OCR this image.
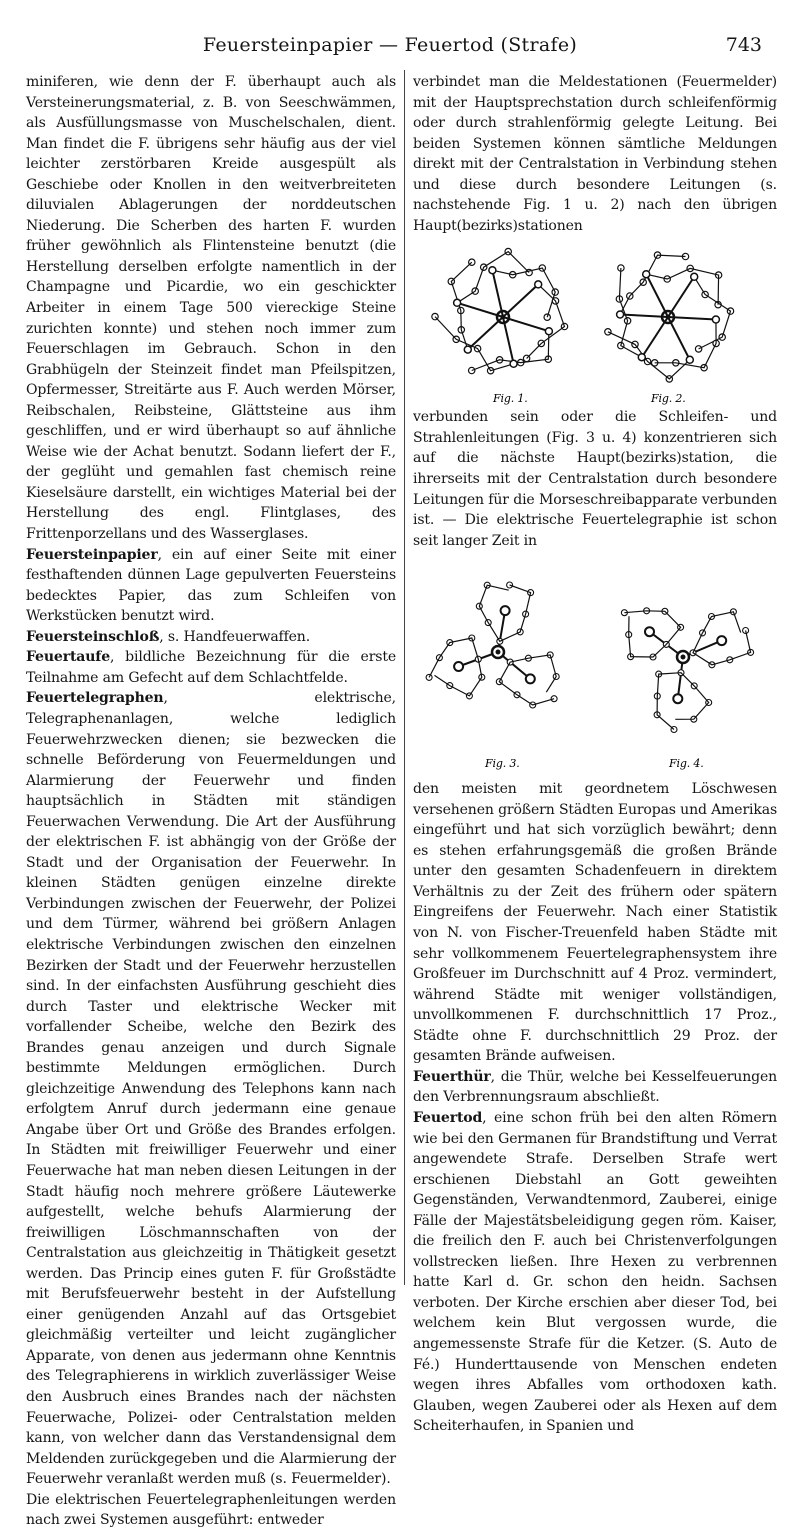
Feuersteinpapier — Feuertod (Strafe)	743

miniferen, wie denn der F. überhaupt auch als Versteinerungsmaterial, z. B. von Seeschwämmen, als Ausfüllungsmasse von Muschelschalen, dient. Man findet die F. übrigens sehr häufig aus der viel leichter zerstörbaren Kreide ausgespült als Geschiebe oder Knollen in den weitverbreiteten diluvialen Ablagerungen der norddeutschen Niederung. Die Scherben des harten F. wurden früher gewöhnlich als Flintensteine benutzt (die Herstellung derselben erfolgte namentlich in der Champagne und Picardie, wo ein geschickter Arbeiter in einem Tage 500 viereckige Steine zurichten konnte) und stehen noch immer zum Feuerschlagen im Gebrauch. Schon in den Grabhügeln der Steinzeit findet man Pfeilspitzen, Opfermesser, Streitärte aus F. Auch werden Mörser, Reibschalen, Reibsteine, Glättsteine aus ihm geschliffen, und er wird überhaupt so auf ähnliche Weise wie der Achat benutzt. Sodann liefert der F., der geglüht und gemahlen fast chemisch reine Kieselsäure darstellt, ein wichtiges Material bei der Herstellung des engl. Flintglases, des Frittenporzellans und des Wasserglases.

Feuersteinpapier, ein auf einer Seite mit einer festhaftenden dünnen Lage gepulverten Feuersteins bedecktes Papier, das zum Schleifen von Werkstücken benutzt wird.

Feuersteinschloß, s. Handfeuerwaffen.

Feuertaufe, bildliche Bezeichnung für die erste Teilnahme am Gefecht auf dem Schlachtfelde.

Feuertelegraphen, elektrische, Telegraphenanlagen, welche lediglich Feuerwehrzwecken dienen; sie bezwecken die schnelle Beförderung von Feuermeldungen und Alarmierung der Feuerwehr und finden hauptsächlich in Städten mit ständigen Feuerwachen Verwendung. Die Art der Ausführung der elektrischen F. ist abhängig von der Größe der Stadt und der Organisation der Feuerwehr. In kleinen Städten genügen einzelne direkte Verbindungen zwischen der Feuerwehr, der Polizei und dem Türmer, während bei größern Anlagen elektrische Verbindungen zwischen den einzelnen Bezirken der Stadt und der Feuerwehr herzustellen sind. In der einfachsten Ausführung geschieht dies durch Taster und elektrische Wecker mit vorfallender Scheibe, welche den Bezirk des Brandes genau anzeigen und durch Signale bestimmte Meldungen ermöglichen. Durch gleichzeitige Anwendung des Telephons kann nach erfolgtem Anruf durch jedermann eine genaue Angabe über Ort und Größe des Brandes erfolgen. In Städten mit freiwilliger Feuerwehr und einer Feuerwache hat man neben diesen Leitungen in der Stadt häufig noch mehrere größere Läutewerke aufgestellt, welche behufs Alarmierung der freiwilligen Löschmannschaften von der Centralstation aus gleichzeitig in Thätigkeit gesetzt werden. Das Princip eines guten F. für Großstädte mit Berufsfeuerwehr besteht in der Aufstellung einer genügenden Anzahl auf das Ortsgebiet gleichmäßig verteilter und leicht zugänglicher Apparate, von denen aus jedermann ohne Kenntnis des Telegraphierens in wirklich zuverlässiger Weise den Ausbruch eines Brandes nach der nächsten Feuerwache, Polizei- oder Centralstation melden kann, von welcher dann das Verstandensignal dem Meldenden zurückgegeben und die Alarmierung der Feuerwehr veranlaßt werden muß (s. Feuermelder).

Die elektrischen Feuertelegraphenleitungen werden nach zwei Systemen ausgeführt: entweder

verbindet man die Meldestationen (Feuermelder) mit der Hauptsprechstation durch schleifenförmig oder durch strahlenförmig gelegte Leitung. Bei beiden Systemen können sämtliche Meldungen direkt mit der Centralstation in Verbindung stehen und diese durch besondere Leitungen (s. nachstehende Fig. 1 u. 2) nach den übrigen Haupt(bezirks)stationen

Fig. 1.	Fig. 2.

verbunden sein oder die Schleifen- und Strahlenleitungen (Fig. 3 u. 4) konzentrieren sich auf die nächste Haupt(bezirks)station, die ihrerseits mit der Centralstation durch besondere Leitungen für die Morseschreibapparate verbunden ist. — Die elektrische Feuertelegraphie ist schon seit langer Zeit in

Fig. 3.	Fig. 4.

den meisten mit geordnetem Löschwesen versehenen größern Städten Europas und Amerikas eingeführt und hat sich vorzüglich bewährt; denn es stehen erfahrungsgemäß die großen Brände unter den gesamten Schadenfeuern in direktem Verhältnis zu der Zeit des frühern oder spätern Eingreifens der Feuerwehr. Nach einer Statistik von N. von Fischer-Treuenfeld haben Städte mit sehr vollkommenem Feuertelegraphensystem ihre Großfeuer im Durchschnitt auf 4 Proz. vermindert, während Städte mit weniger vollständigen, unvollkommenen F. durchschnittlich 17 Proz., Städte ohne F. durchschnittlich 29 Proz. der gesamten Brände aufweisen.

Feuerthür, die Thür, welche bei Kesselfeuerungen den Verbrennungsraum abschließt.

Feuertod, eine schon früh bei den alten Römern wie bei den Germanen für Brandstiftung und Verrat angewendete Strafe. Derselben Strafe wert erschienen Diebstahl an Gott geweihten Gegenständen, Verwandtenmord, Zauberei, einige Fälle der Majestätsbeleidigung gegen röm. Kaiser, die freilich den F. auch bei Christenverfolgungen vollstrecken ließen. Ihre Hexen zu verbrennen hatte Karl d. Gr. schon den heidn. Sachsen verboten. Der Kirche erschien aber dieser Tod, bei welchem kein Blut vergossen wurde, die angemessenste Strafe für die Ketzer. (S. Auto de Fé.) Hunderttausende von Menschen endeten wegen ihres Abfalles vom orthodoxen kath. Glauben, wegen Zauberei oder als Hexen auf dem Scheiterhaufen, in Spanien und
